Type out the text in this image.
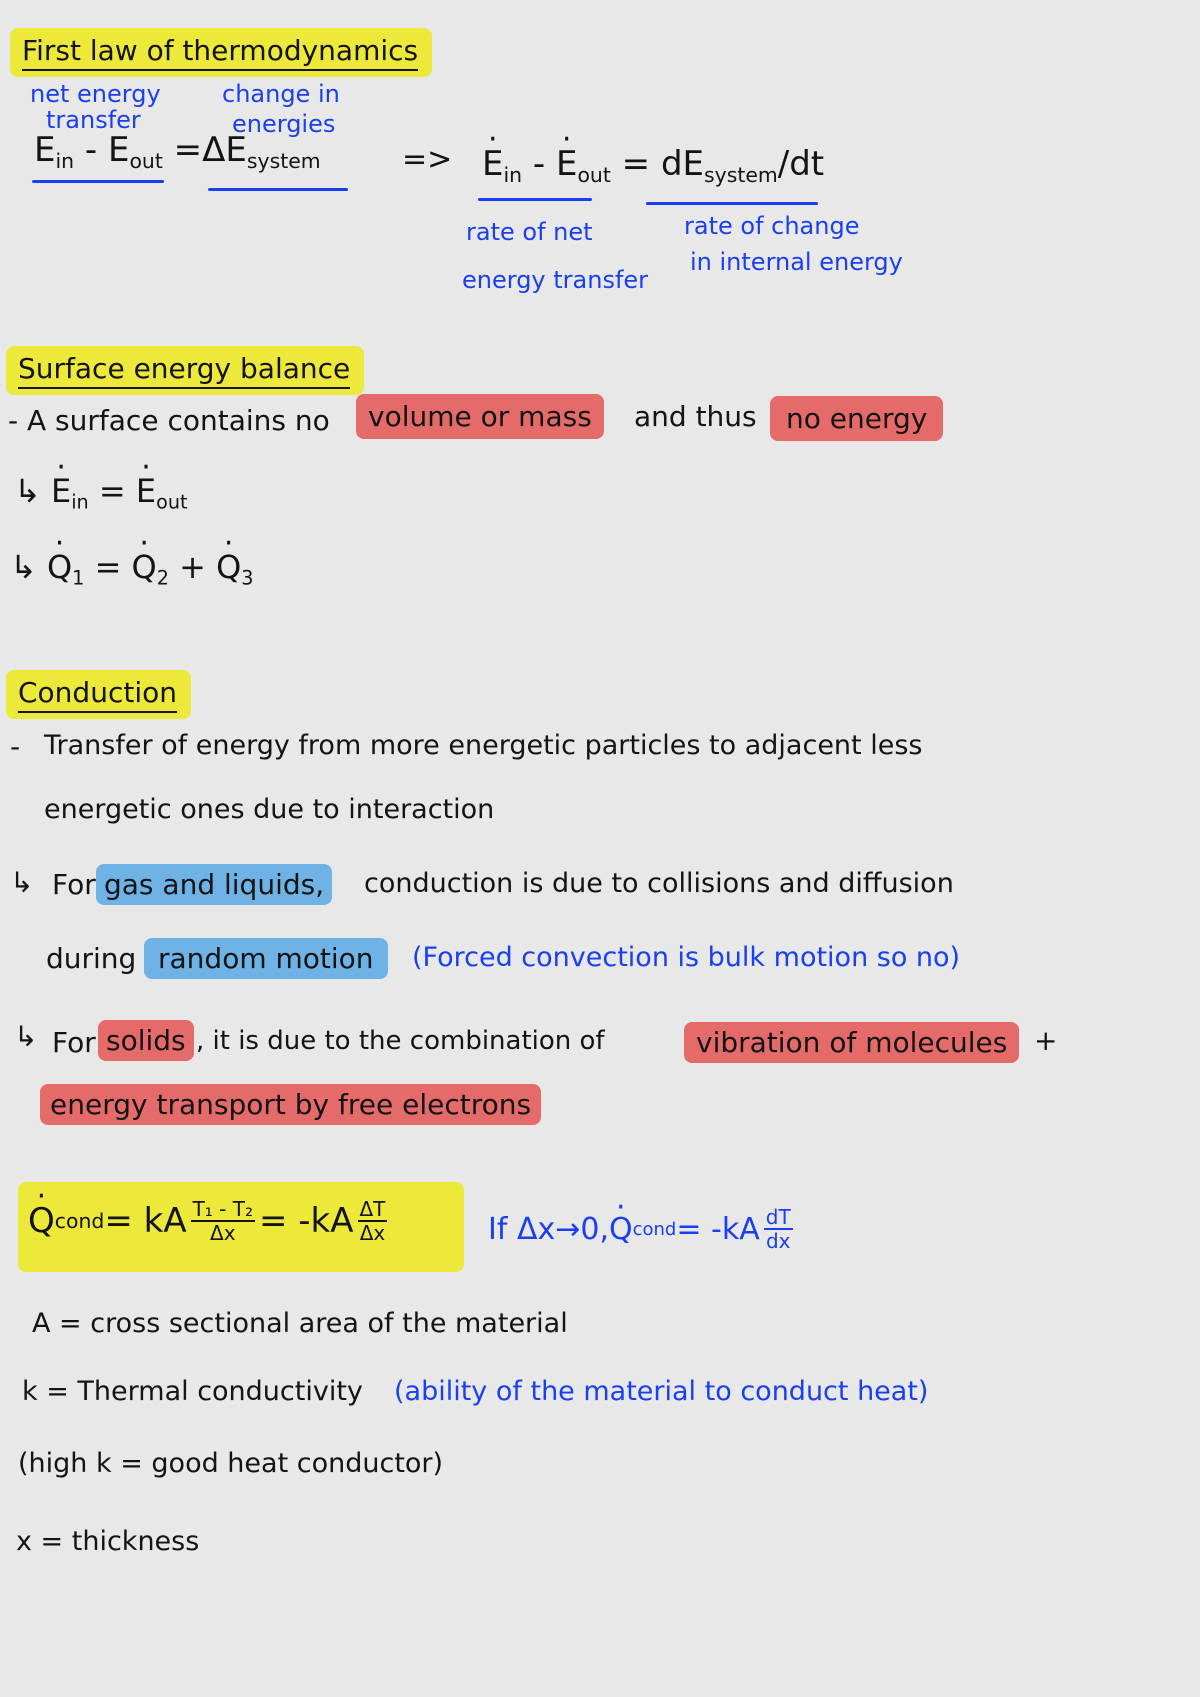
First law of thermodynamics
net energy
transfer
change in
energies
$E_{in} - E_{out} =\Delta E_{system}$	=> · $E_{in}$ - · $E_{out} = dE_{system}/dt$
rate of net
energy transfer
rate of change
in internal energy
Surface energy balance
- A surface contains no	volume or mass	and thus	no energy
↳ · $E_{in}$ = · $E_{out}$
↳ · $Q_1$ = · $Q_2$ + · $Q_3$
Conduction
- Transfer of energy from more energetic particles to adjacent less
energetic ones due to interaction
↳ For gas and liquids, conduction is due to collisions and diffusion
during random motion	(Forced convection is bulk motion so no)
↳ For solids , it is due to the combination of	vibration of molecules +
energy transport by free electrons
· Q cond = kA $\frac{\text{T₁ - T₂}}{\Delta x} = -kA \frac{\Delta T}{\Delta x}$	If Δx→0, · Q cond = $-kA \frac{dT}{dx}$
A = cross sectional area of the material
k = Thermal conductivity (ability of the material to conduct heat)
(high k = good heat conductor)
x = thickness
